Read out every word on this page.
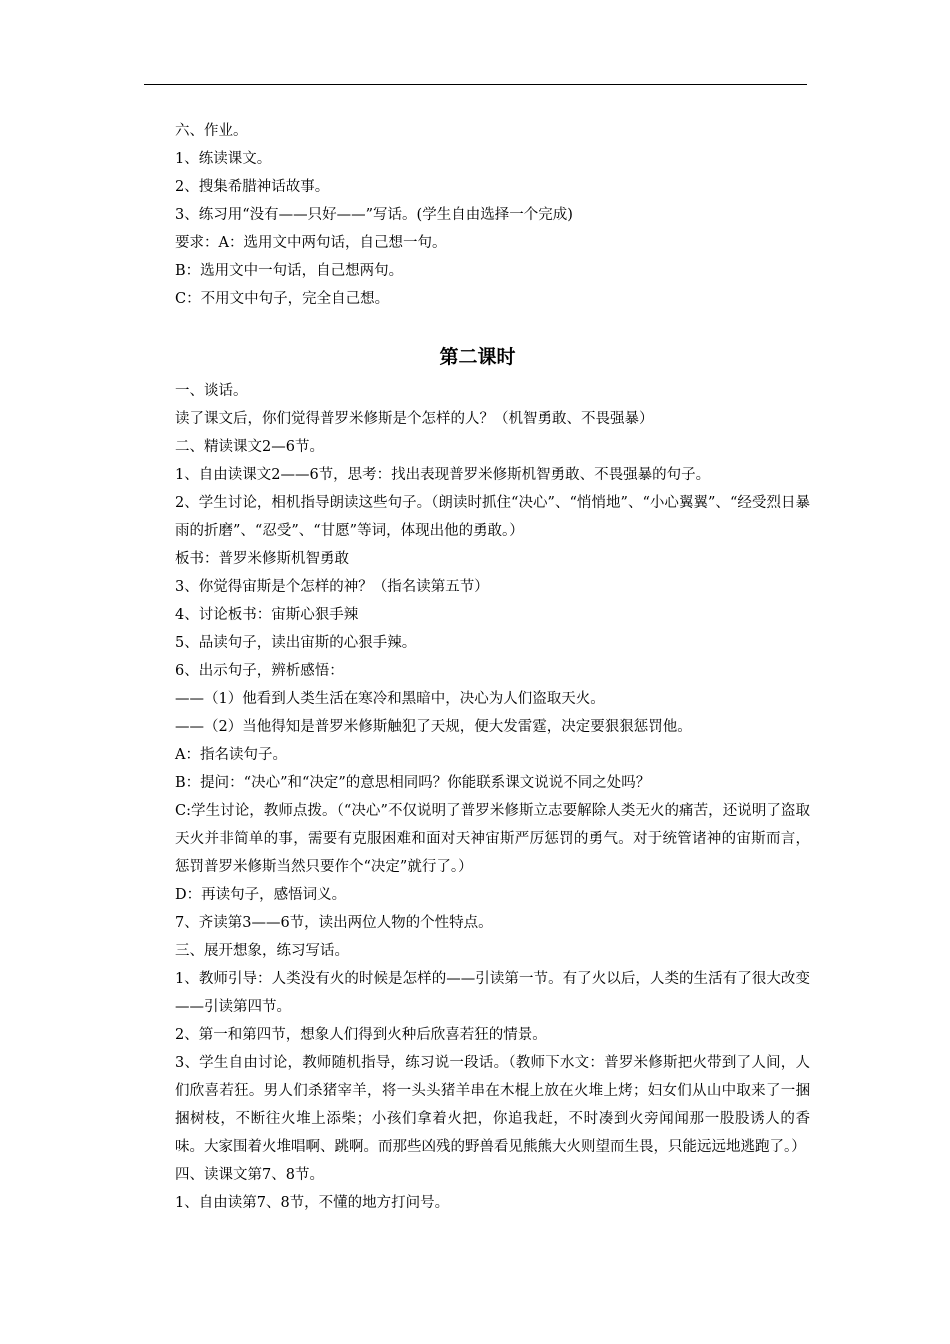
六、作业。
1、练读课文。
2、搜集希腊神话故事。
3、练习用“没有——只好——”写话。(学生自由选择一个完成)
要求：A：选用文中两句话，自己想一句。
B：选用文中一句话，自己想两句。
C：不用文中句子，完全自己想。
第二课时
一、谈话。
读了课文后，你们觉得普罗米修斯是个怎样的人？（机智勇敢、不畏强暴）
二、精读课文2—6节。
1、自由读课文2——6节，思考：找出表现普罗米修斯机智勇敢、不畏强暴的句子。
2、学生讨论，相机指导朗读这些句子。（朗读时抓住“决心”、“悄悄地”、“小心翼翼”、“经受烈日暴雨的折磨”、“忍受”、“甘愿”等词，体现出他的勇敢。）
板书：普罗米修斯机智勇敢
3、你觉得宙斯是个怎样的神？（指名读第五节）
4、讨论板书：宙斯心狠手辣
5、品读句子，读出宙斯的心狠手辣。
6、出示句子，辨析感悟：
——（1）他看到人类生活在寒冷和黑暗中，决心为人们盗取天火。
——（2）当他得知是普罗米修斯触犯了天规，便大发雷霆，决定要狠狠惩罚他。
A：指名读句子。
B：提问：“决心”和“决定”的意思相同吗？你能联系课文说说不同之处吗？
C:学生讨论，教师点拨。（“决心”不仅说明了普罗米修斯立志要解除人类无火的痛苦，还说明了盗取天火并非简单的事，需要有克服困难和面对天神宙斯严厉惩罚的勇气。对于统管诸神的宙斯而言，惩罚普罗米修斯当然只要作个“决定”就行了。）
D：再读句子，感悟词义。
7、齐读第3——6节，读出两位人物的个性特点。
三、展开想象，练习写话。
1、教师引导：人类没有火的时候是怎样的——引读第一节。有了火以后，人类的生活有了很大改变——引读第四节。
2、第一和第四节，想象人们得到火种后欣喜若狂的情景。
3、学生自由讨论，教师随机指导，练习说一段话。（教师下水文：普罗米修斯把火带到了人间，人们欣喜若狂。男人们杀猪宰羊，将一头头猪羊串在木棍上放在火堆上烤；妇女们从山中取来了一捆捆树枝，不断往火堆上添柴；小孩们拿着火把，你追我赶，不时凑到火旁闻闻那一股股诱人的香味。大家围着火堆唱啊、跳啊。而那些凶残的野兽看见熊熊大火则望而生畏，只能远远地逃跑了。）
四、读课文第7、8节。
1、自由读第7、8节，不懂的地方打问号。
